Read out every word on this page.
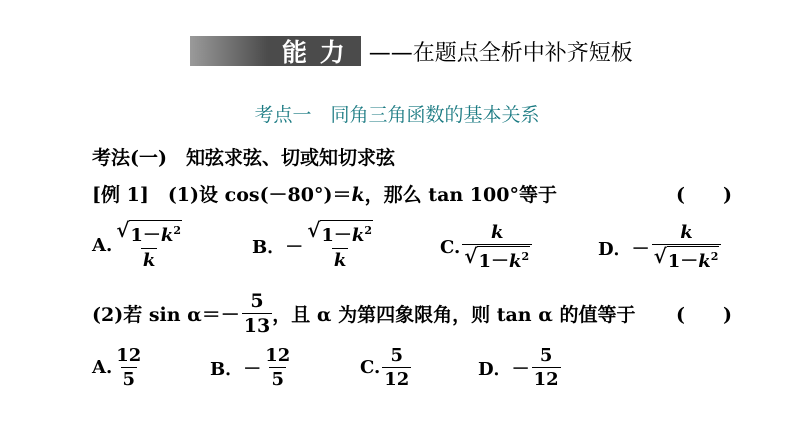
能 力	——在题点全析中补齐短板
考点一　同角三角函数的基本关系
考法(一)　知弦求弦、切或知切求弦
[例 1]　(1)设 cos(－80°)＝k，那么 tan 100°等于	(　　)
A. $\frac{√ 1-k^2}{k}$	B．－ $\frac{√ 1-k^2}{k}$	C. $\frac{k}{√ 1-k^2}$	D．－ $\frac{k}{√ 1-k^2}$
(2)若 $\sin \alpha=- \frac{5}{13}$ ，且 α 为第四象限角，则 tan α 的值等于 (　　)
A. $\frac{12}{5}$	B．－ $\frac{12}{5}$	C. $\frac{5}{12}$	D．－ $\frac{5}{12}$
